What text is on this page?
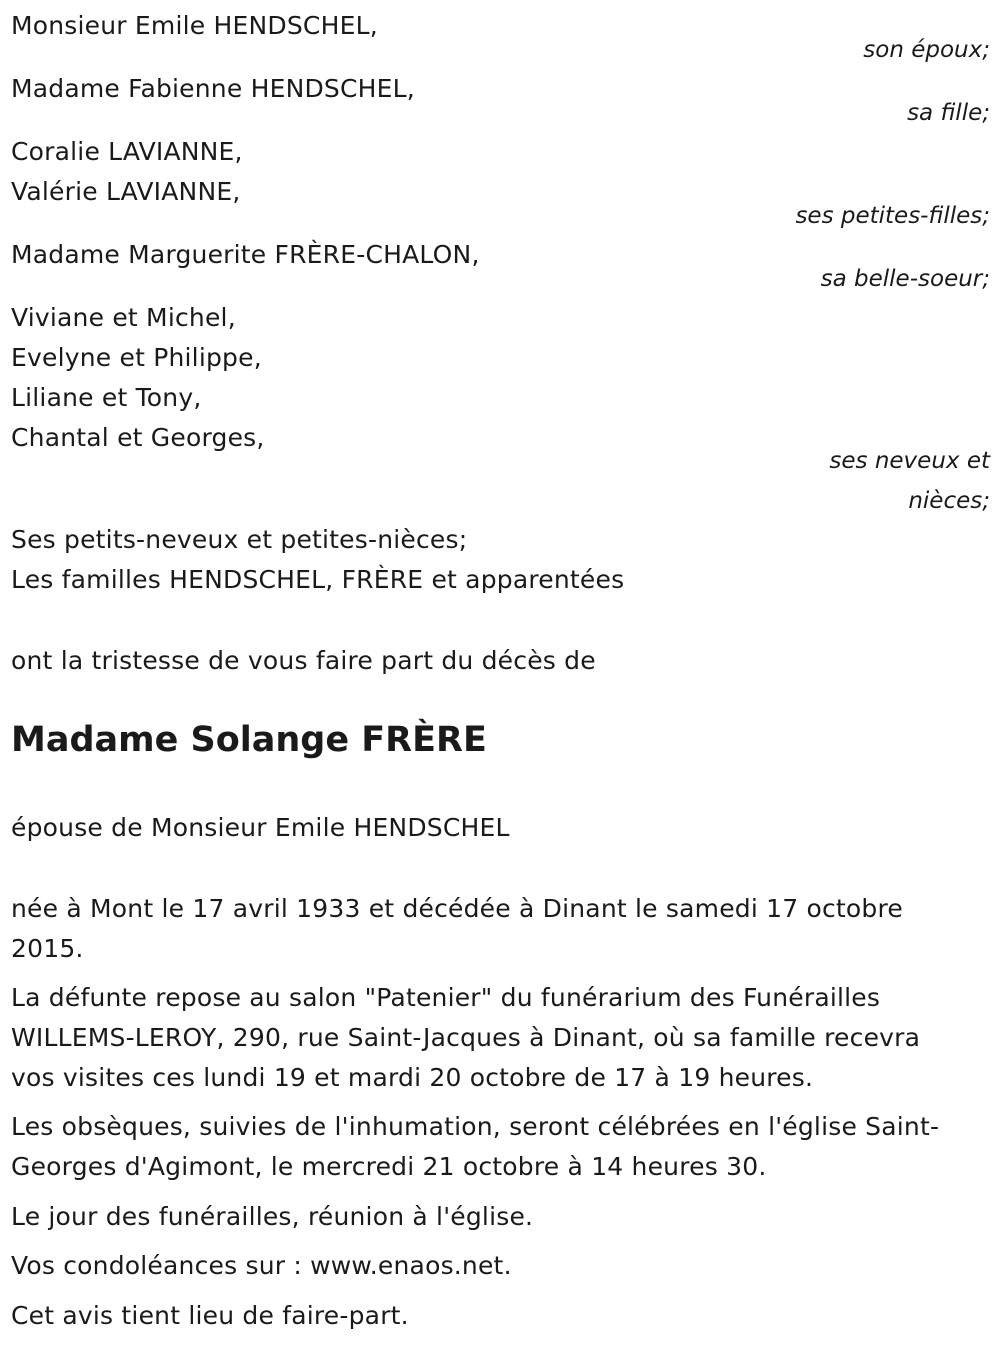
Monsieur Emile HENDSCHEL,
son époux;
Madame Fabienne HENDSCHEL,
sa fille;
Coralie LAVIANNE,
Valérie LAVIANNE,
ses petites-filles;
Madame Marguerite FRÈRE-CHALON,
sa belle-soeur;
Viviane et Michel,
Evelyne et Philippe,
Liliane et Tony,
Chantal et Georges,
ses neveux et
nièces;
Ses petits-neveux et petites-nièces;
Les familles HENDSCHEL, FRÈRE et apparentées
ont la tristesse de vous faire part du décès de
Madame Solange FRÈRE
épouse de Monsieur Emile HENDSCHEL
née à Mont le 17 avril 1933 et décédée à Dinant le samedi 17 octobre 2015.
La défunte repose au salon "Patenier" du funérarium des Funérailles WILLEMS-LEROY, 290, rue Saint-Jacques à Dinant, où sa famille recevra vos visites ces lundi 19 et mardi 20 octobre de 17 à 19 heures.
Les obsèques, suivies de l'inhumation, seront célébrées en l'église Saint-Georges d'Agimont, le mercredi 21 octobre à 14 heures 30.
Le jour des funérailles, réunion à l'église.
Vos condoléances sur : www.enaos.net.
Cet avis tient lieu de faire-part.
